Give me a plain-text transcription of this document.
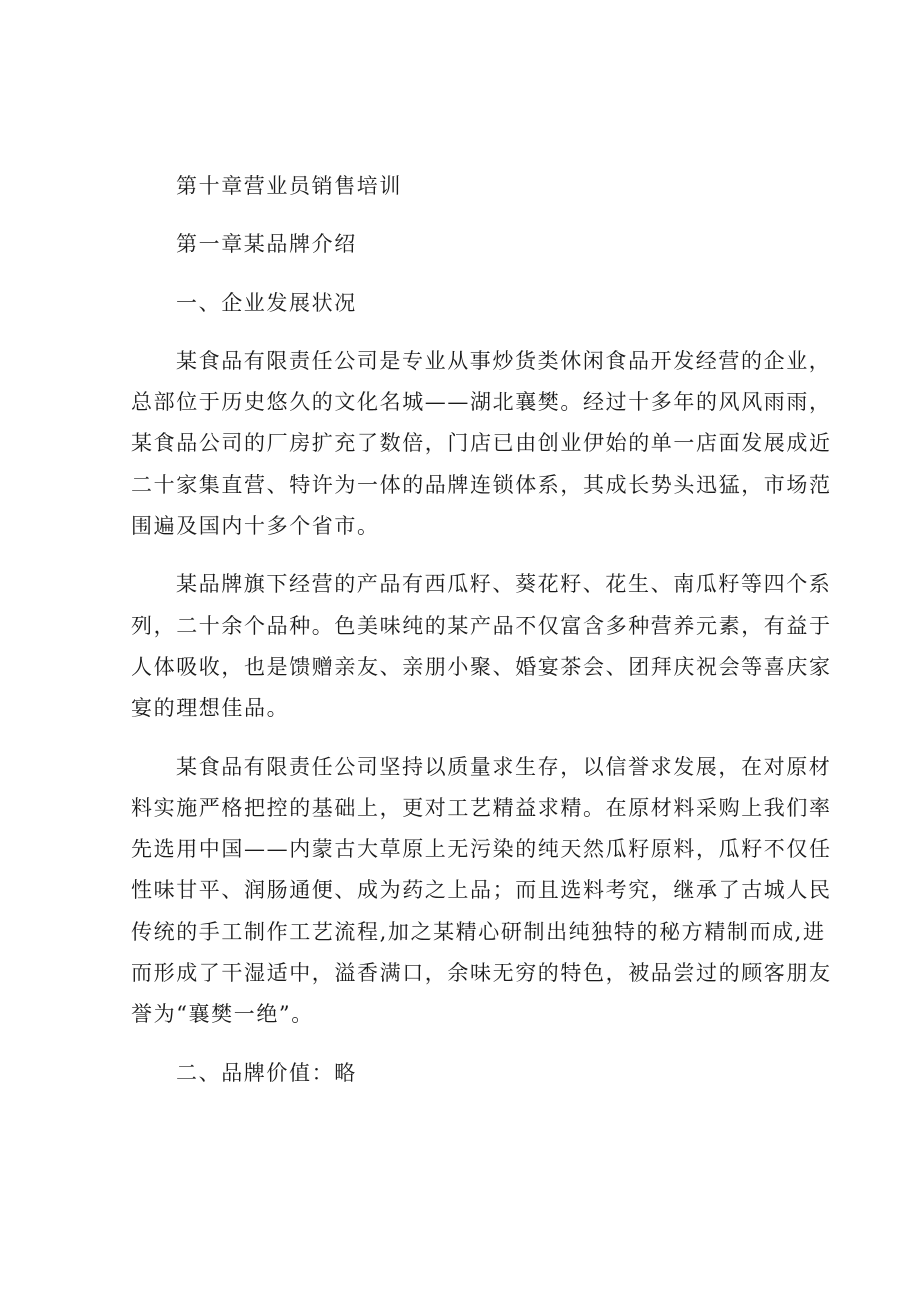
第十章营业员销售培训
第一章某品牌介绍
一、企业发展状况
某食品有限责任公司是专业从事炒货类休闲食品开发经营的企业，
总部位于历史悠久的文化名城——湖北襄樊。经过十多年的风风雨雨，
某食品公司的厂房扩充了数倍，门店已由创业伊始的单一店面发展成近
二十家集直营、特许为一体的品牌连锁体系，其成长势头迅猛，市场范
围遍及国内十多个省市。
某品牌旗下经营的产品有西瓜籽、葵花籽、花生、南瓜籽等四个系
列，二十余个品种。色美味纯的某产品不仅富含多种营养元素，有益于
人体吸收，也是馈赠亲友、亲朋小聚、婚宴茶会、团拜庆祝会等喜庆家
宴的理想佳品。
某食品有限责任公司坚持以质量求生存，以信誉求发展，在对原材
料实施严格把控的基础上，更对工艺精益求精。在原材料采购上我们率
先选用中国——内蒙古大草原上无污染的纯天然瓜籽原料，瓜籽不仅任
性味甘平、润肠通便、成为药之上品；而且选料考究，继承了古城人民
传统的手工制作工艺流程,加之某精心研制出纯独特的秘方精制而成,进
而形成了干湿适中，溢香满口，余味无穷的特色，被品尝过的顾客朋友
誉为“襄樊一绝”。
二、品牌价值：略
